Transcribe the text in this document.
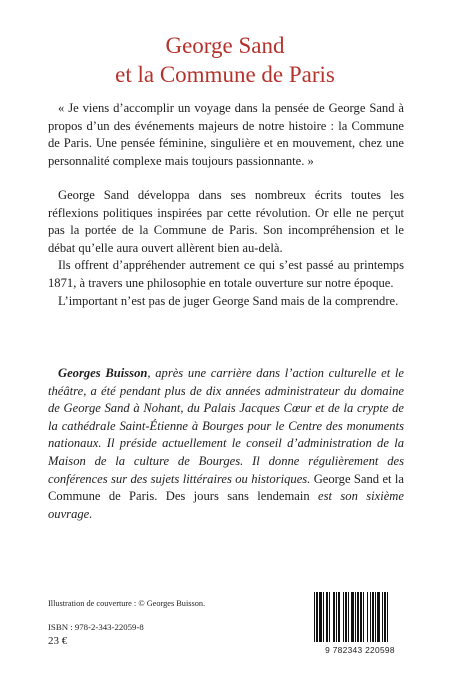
George Sand
et la Commune de Paris

« Je viens d’accomplir un voyage dans la pensée de George Sand à propos d’un des événements majeurs de notre histoire : la Commune de Paris. Une pensée féminine, singulière et en mouvement, chez une personnalité complexe mais toujours passionnante. »

George Sand développa dans ses nombreux écrits toutes les réflexions politiques inspirées par cette révolution. Or elle ne perçut pas la portée de la Commune de Paris. Son incompréhension et le débat qu’elle aura ouvert allèrent bien au-delà.

Ils offrent d’appréhender autrement ce qui s’est passé au printemps 1871, à travers une philosophie en totale ouverture sur notre époque.

L’important n’est pas de juger George Sand mais de la comprendre.

Georges Buisson, après une carrière dans l’action culturelle et le théâtre, a été pendant plus de dix années administrateur du domaine de George Sand à Nohant, du Palais Jacques Cœur et de la crypte de la cathédrale Saint-Étienne à Bourges pour le Centre des monuments nationaux. Il préside actuellement le conseil d’administration de la Maison de la culture de Bourges. Il donne régulièrement des conférences sur des sujets littéraires ou historiques. George Sand et la Commune de Paris. Des jours sans lendemain est son sixième ouvrage.

Illustration de couverture : © Georges Buisson.
ISBN : 978-2-343-22059-8
23 €
9 782343 220598
